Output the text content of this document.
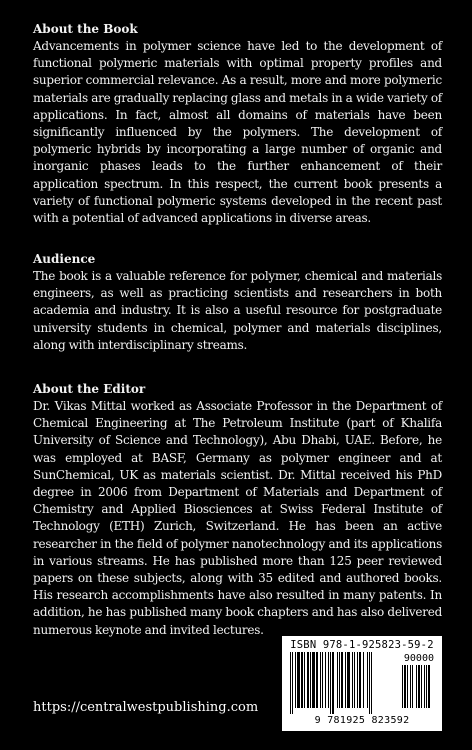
About the Book

Advancements in polymer science have led to the development of functional polymeric materials with optimal property profiles and superior commercial relevance. As a result, more and more polymeric materials are gradually replacing glass and metals in a wide variety of applications. In fact, almost all domains of materials have been significantly influenced by the polymers. The development of polymeric hybrids by incorporating a large number of organic and inorganic phases leads to the further enhancement of their application spectrum. In this respect, the current book presents a variety of functional polymeric systems developed in the recent past with a potential of advanced applications in diverse areas.

Audience

The book is a valuable reference for polymer, chemical and materials engineers, as well as practicing scientists and researchers in both academia and industry. It is also a useful resource for postgraduate university students in chemical, polymer and materials disciplines, along with interdisciplinary streams.

About the Editor

Dr. Vikas Mittal worked as Associate Professor in the Department of Chemical Engineering at The Petroleum Institute (part of Khalifa University of Science and Technology), Abu Dhabi, UAE. Before, he was employed at BASF, Germany as polymer engineer and at SunChemical, UK as materials scientist. Dr. Mittal received his PhD degree in 2006 from Department of Materials and Department of Chemistry and Applied Biosciences at Swiss Federal Institute of Technology (ETH) Zurich, Switzerland. He has been an active researcher in the field of polymer nanotechnology and its applications in various streams. He has published more than 125 peer reviewed papers on these subjects, along with 35 edited and authored books. His research accomplishments have also resulted in many patents. In addition, he has published many book chapters and has also delivered numerous keynote and invited lectures.

https://centralwestpublishing.com
ISBN 978-1-925823-59-2
90000
9 781925 823592
